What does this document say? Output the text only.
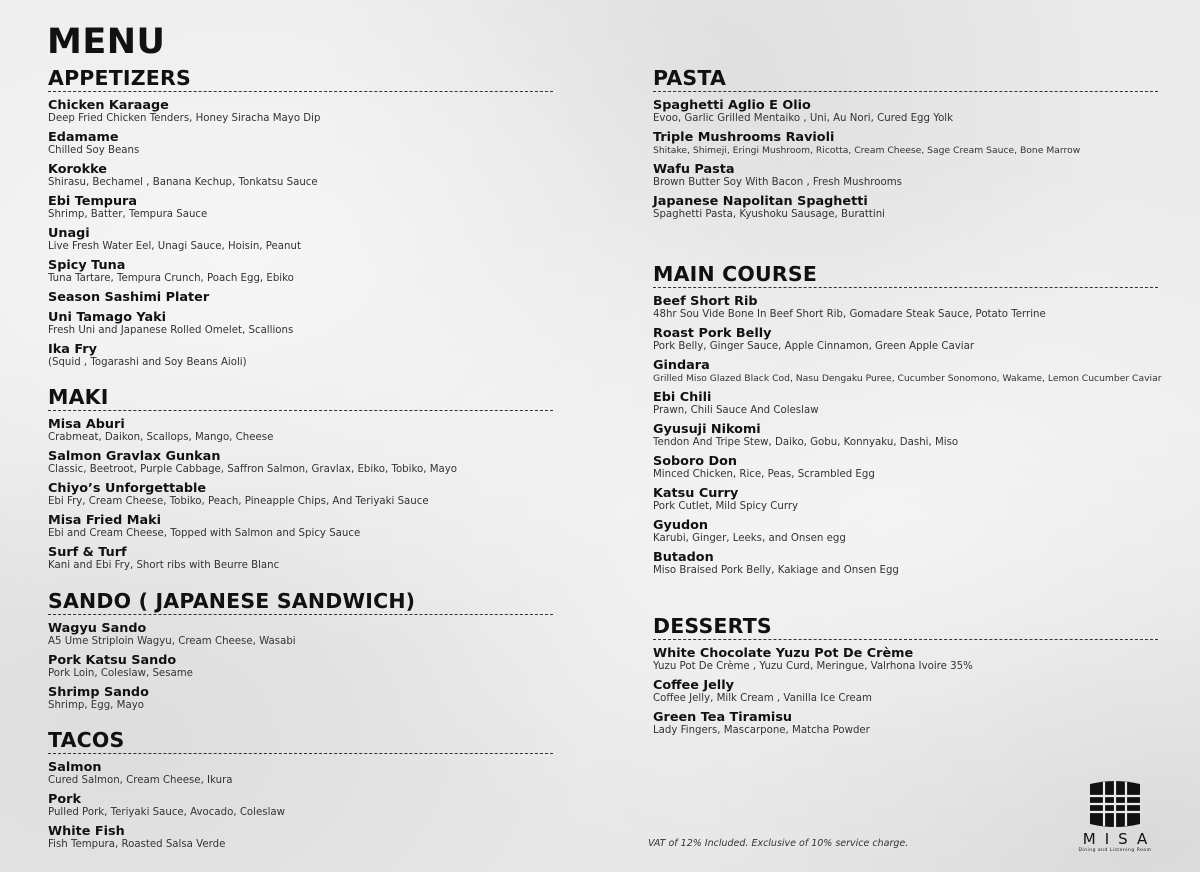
MENU
APPETIZERS
Chicken Karaage
Deep Fried Chicken Tenders, Honey Siracha Mayo Dip
Edamame
Chilled Soy Beans
Korokke
Shirasu, Bechamel , Banana Kechup, Tonkatsu Sauce
Ebi Tempura
Shrimp, Batter, Tempura Sauce
Unagi
Live Fresh Water Eel, Unagi Sauce, Hoisin, Peanut
Spicy Tuna
Tuna Tartare, Tempura Crunch, Poach Egg, Ebiko
Season Sashimi Plater
Uni Tamago Yaki
Fresh Uni and Japanese Rolled Omelet, Scallions
Ika Fry
(Squid , Togarashi and Soy Beans Aioli)
MAKI
Misa Aburi
Crabmeat, Daikon, Scallops, Mango, Cheese
Salmon Gravlax Gunkan
Classic, Beetroot, Purple Cabbage, Saffron Salmon, Gravlax, Ebiko, Tobiko, Mayo
Chiyo’s Unforgettable
Ebi Fry, Cream Cheese, Tobiko, Peach, Pineapple Chips, And Teriyaki Sauce
Misa Fried Maki
Ebi and Cream Cheese, Topped with Salmon and Spicy Sauce
Surf & Turf
Kani and Ebi Fry, Short ribs with Beurre Blanc
SANDO ( JAPANESE SANDWICH)
Wagyu Sando
A5 Ume Striploin Wagyu, Cream Cheese, Wasabi
Pork Katsu Sando
Pork Loin, Coleslaw, Sesame
Shrimp Sando
Shrimp, Egg, Mayo
TACOS
Salmon
Cured Salmon, Cream Cheese, Ikura
Pork
Pulled Pork, Teriyaki Sauce, Avocado, Coleslaw
White Fish
Fish Tempura, Roasted Salsa Verde
PASTA
Spaghetti Aglio E Olio
Evoo, Garlic Grilled Mentaiko , Uni, Au Nori, Cured Egg Yolk
Triple Mushrooms Ravioli
Shitake, Shimeji, Eringi Mushroom, Ricotta, Cream Cheese, Sage Cream Sauce, Bone Marrow
Wafu Pasta
Brown Butter Soy With Bacon , Fresh Mushrooms
Japanese Napolitan Spaghetti
Spaghetti Pasta, Kyushoku Sausage, Burattini
MAIN COURSE
Beef Short Rib
48hr Sou Vide Bone In Beef Short Rib, Gomadare Steak Sauce, Potato Terrine
Roast Pork Belly
Pork Belly, Ginger Sauce, Apple Cinnamon, Green Apple Caviar
Gindara
Grilled Miso Glazed Black Cod, Nasu Dengaku Puree, Cucumber Sonomono, Wakame, Lemon Cucumber Caviar
Ebi Chili
Prawn, Chili Sauce And Coleslaw
Gyusuji Nikomi
Tendon And Tripe Stew, Daiko, Gobu, Konnyaku, Dashi, Miso
Soboro Don
Minced Chicken, Rice, Peas, Scrambled Egg
Katsu Curry
Pork Cutlet, Mild Spicy Curry
Gyudon
Karubi, Ginger, Leeks, and Onsen egg
Butadon
Miso Braised Pork Belly, Kakiage and Onsen Egg
DESSERTS
White Chocolate Yuzu Pot De Crème
Yuzu Pot De Crème , Yuzu Curd, Meringue, Valrhona Ivoire 35%
Coffee Jelly
Coffee Jelly, Milk Cream , Vanilla Ice Cream
Green Tea Tiramisu
Lady Fingers, Mascarpone, Matcha Powder
VAT of 12% Included. Exclusive of 10% service charge.	MISA
Dining and Listening Room
